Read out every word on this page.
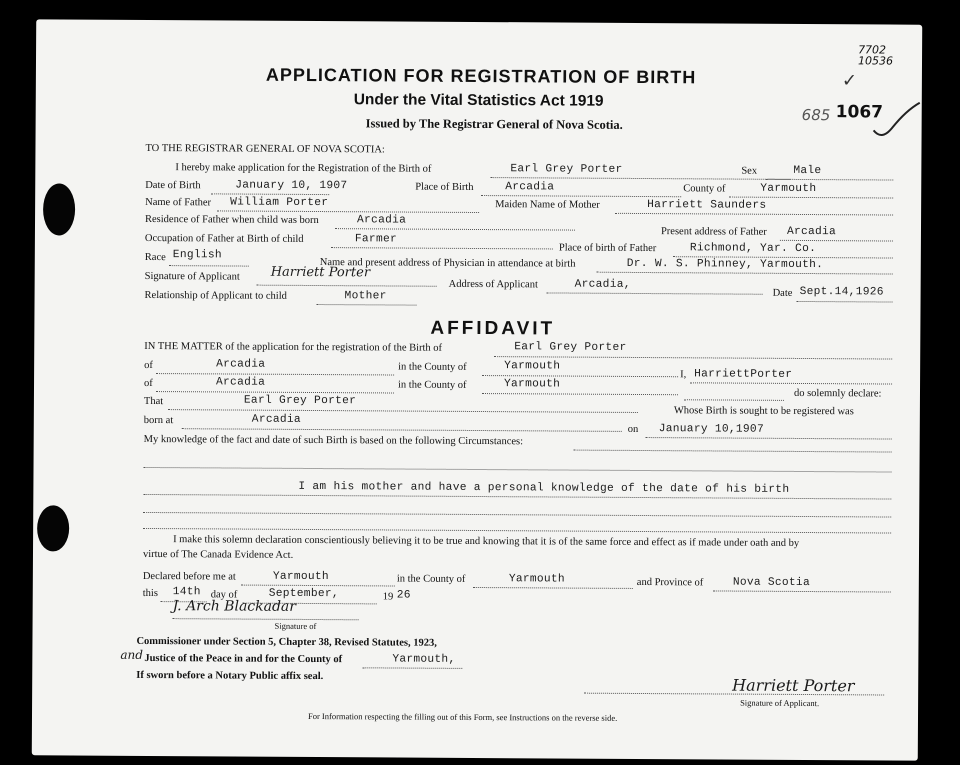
APPLICATION FOR REGISTRATION OF BIRTH
Under the Vital Statistics Act 1919
Issued by The Registrar General of Nova Scotia.
7702
10536
✓
685 1067
TO THE REGISTRAR GENERAL OF NOVA SCOTIA:
I hereby make application for the Registration of the Birth of	Earl Grey Porter	Sex	Male
Date of Birth	January 10, 1907	Place of Birth	Arcadia	County of	Yarmouth
Name of Father William Porter	Maiden Name of Mother	Harriett Saunders
Residence of Father when child was born	Arcadia
Present address of Father Arcadia
Occupation of Father at Birth of child	Farmer
Place of birth of Father	Richmond, Yar. Co.
Race English
Name and present address of Physician in attendance at birth	Dr. W. S. Phinney, Yarmouth.
Signature of Applicant Harriett Porter
Address of Applicant	Arcadia,
Date Sept.14,1926
Relationship of Applicant to child	Mother
AFFIDAVIT
IN THE MATTER of the application for the registration of the Birth of	Earl Grey Porter
of	Arcadia	in the County of	Yarmouth
I, HarriettPorter
of	Arcadia	in the County of	Yarmouth
do solemnly declare:
That	Earl Grey Porter
Whose Birth is sought to be registered was
born at	Arcadia
on January 10,1907
My knowledge of the fact and date of such Birth is based on the following Circumstances:
I am his mother and have a personal knowledge of the date of his birth
I make this solemn declaration conscientiously believing it to be true and knowing that it is of the same force and effect as if made under oath and by
virtue of The Canada Evidence Act.
Declared before me at	Yarmouth	in the County of	Yarmouth	and Province of	Nova Scotia
this 14th day of	September,	19 26
J. Arch Blackadar
Signature of
Commissioner under Section 5, Chapter 38, Revised Statutes, 1923,
and Justice of the Peace in and for the County of	Yarmouth,
If sworn before a Notary Public affix seal.	Harriett Porter
Signature of Applicant.
For Information respecting the filling out of this Form, see Instructions on the reverse side.
